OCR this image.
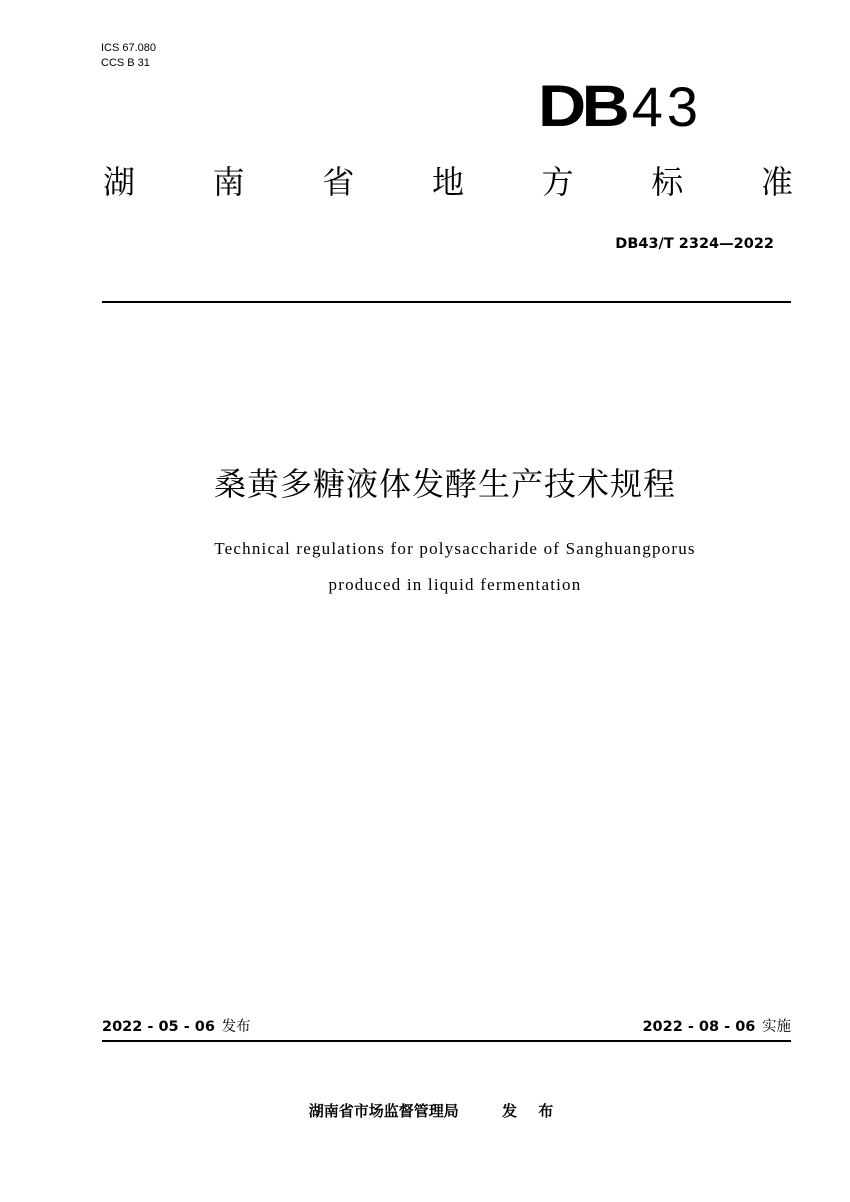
ICS 67.080
CCS B 31
DB 43
湖 南 省 地 方 标 准
DB43/T 2324—2022
桑黄多糖液体发酵生产技术规程
Technical regulations for polysaccharide of Sanghuangporus
produced in liquid fermentation
2022 - 05 - 06 发布	2022 - 08 - 06 实施
湖南省市场监督管理局	发 布
